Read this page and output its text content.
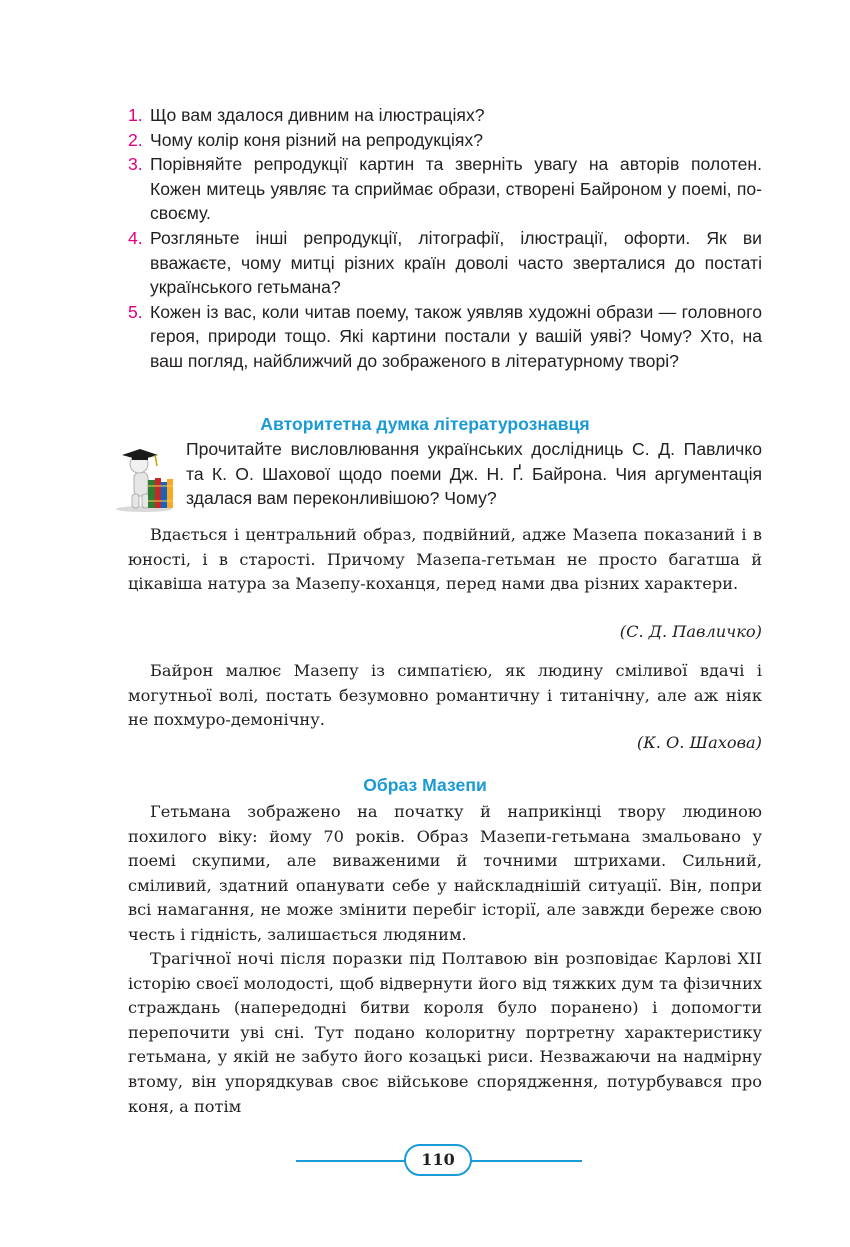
1. Що вам здалося дивним на ілюстраціях?
2. Чому колір коня різний на репродукціях?
3. Порівняйте репродукції картин та зверніть увагу на авторів полотен. Кожен митець уявляє та сприймає образи, створені Байроном у поемі, по-своєму.
4. Розгляньте інші репродукції, літографії, ілюстрації, офорти. Як ви вважаєте, чому митці різних країн доволі часто зверталися до постаті українського гетьмана?
5. Кожен із вас, коли читав поему, також уявляв художні образи — головного героя, природи тощо. Які картини постали у вашій уяві? Чому? Хто, на ваш погляд, найближчий до зображеного в літературному творі?
Авторитетна думка літературознавця

Прочитайте висловлювання українських дослідниць С. Д. Павличко та К. О. Шахової щодо поеми Дж. Н. Ґ. Байрона. Чия аргументація здалася вам переконливішою? Чому?

Вдається і центральний образ, подвійний, адже Мазепа показаний і в юності, і в старості. Причому Мазепа-гетьман не просто багатша й цікавіша натура за Мазепу-коханця, перед нами два різних характери.

(С. Д. Павличко)

Байрон малює Мазепу із симпатією, як людину сміливої вдачі і могутньої волі, постать безумовно романтичну і титанічну, але аж ніяк не похмуро-демонічну.

(К. О. Шахова)
Образ Мазепи

Гетьмана зображено на початку й наприкінці твору людиною похилого віку: йому 70 років. Образ Мазепи-гетьмана змальовано у поемі скупими, але виваженими й точними штрихами. Сильний, сміливий, здатний опанувати себе у найскладнішій ситуації. Він, попри всі намагання, не може змінити перебіг історії, але завжди береже свою честь і гідність, залишається людяним.

Трагічної ночі після поразки під Полтавою він розповідає Карлові XII історію своєї молодості, щоб відвернути його від тяжких дум та фізичних страждань (напередодні битви короля було поранено) і допомогти перепочити уві сні. Тут подано колоритну портретну характеристику гетьмана, у якій не забуто його козацькі риси. Незважаючи на надмірну втому, він упорядкував своє військове спорядження, потурбувався про коня, а потім

110
